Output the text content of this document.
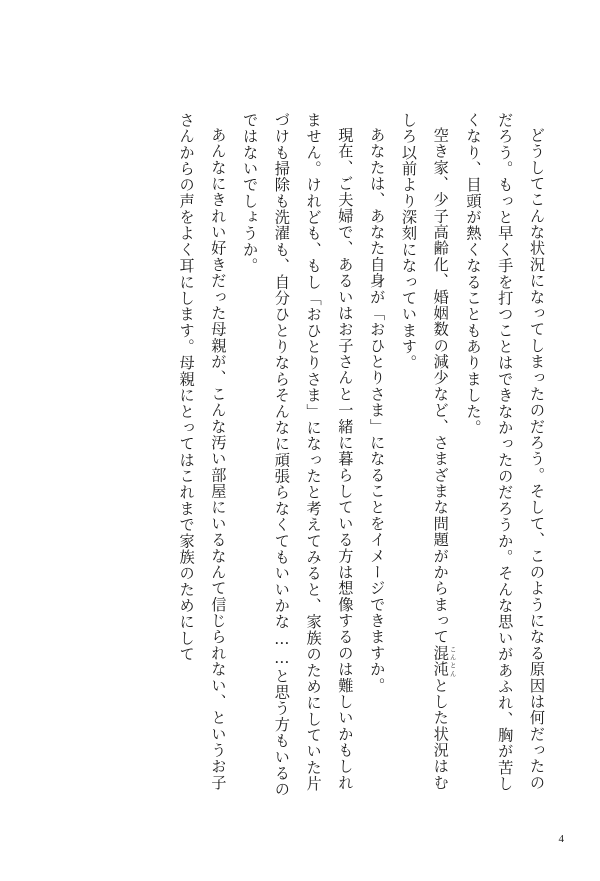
どうしてこんな状況になってしまったのだろう。そして、このようになる原因は何だったのだろう。もっと早く手を打つことはできなかったのだろうか。そんな思いがあふれ、胸が苦しくなり、目頭が熱くなることもありました。

空き家、少子高齢化、婚姻数の減少など、さまざまな問題がからまって混沌 こんとんとした状況はむしろ以前より深刻になっています。

あなたは、あなた自身が「おひとりさま」になることをイメージできますか。

現在、ご夫婦で、あるいはお子さんと一緒に暮らしている方は想像するのは難しいかもしれません。けれども、もし「おひとりさま」になったと考えてみると、家族のためにしていた片づけも掃除も洗濯も、自分ひとりならそんなに頑張らなくてもいいかな……と思う方もいるのではないでしょうか。

あんなにきれい好きだった母親が、こんな汚い部屋にいるなんて信じられない、というお子さんからの声をよく耳にします。母親にとってはこれまで家族のためにして

4
